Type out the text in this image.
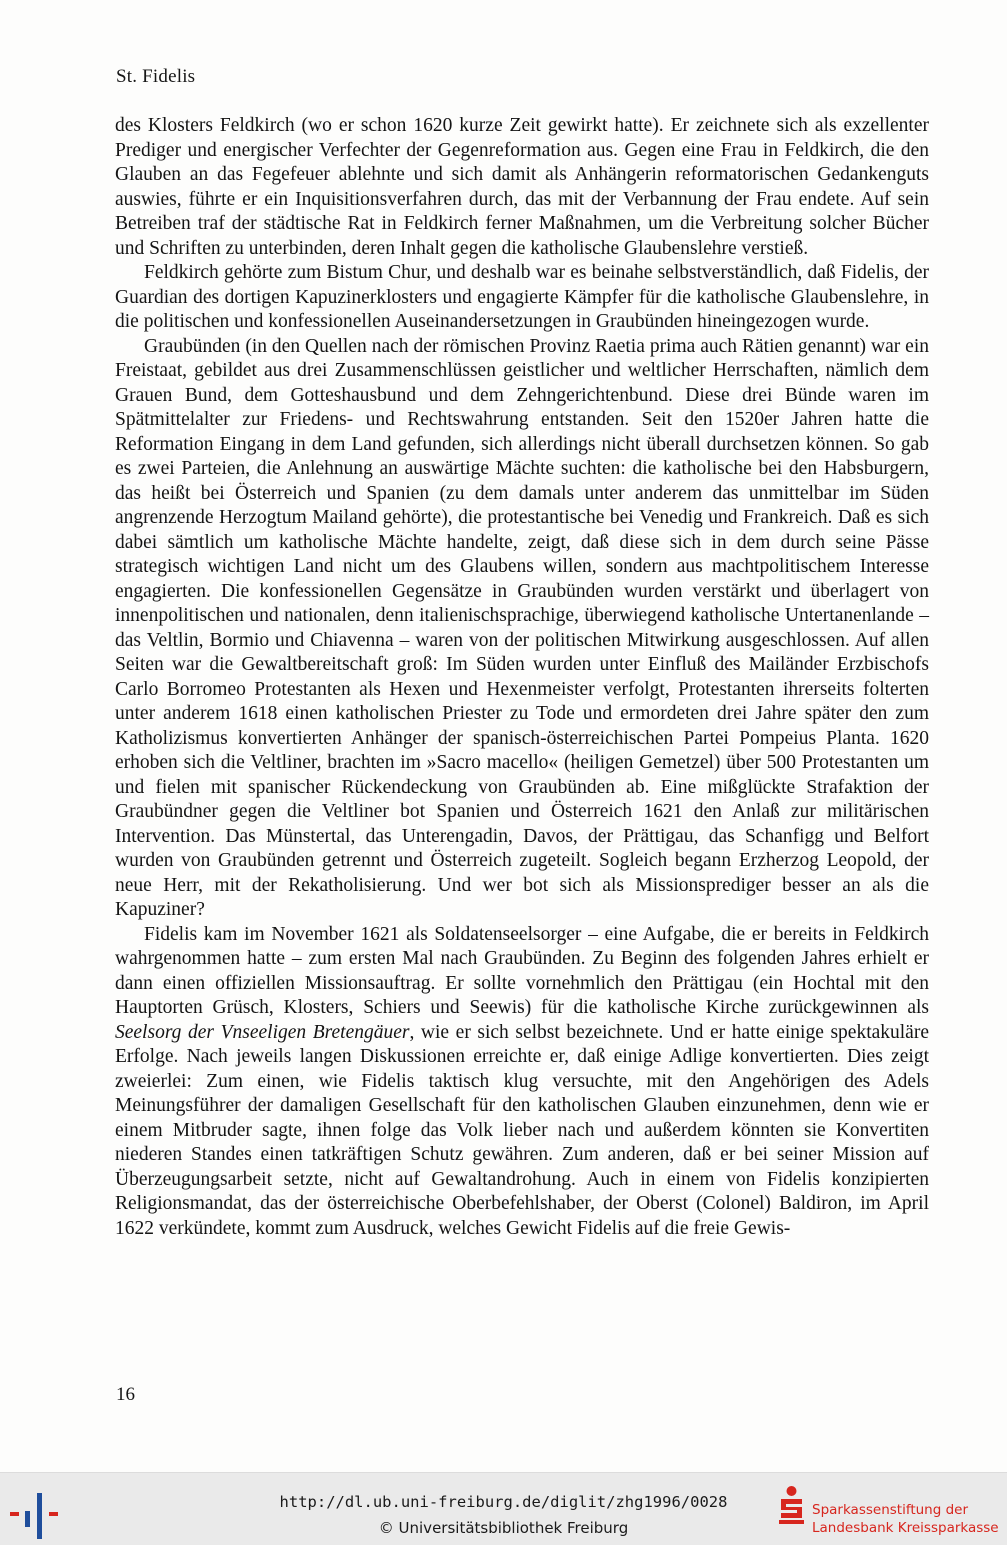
St. Fidelis

des Klosters Feldkirch (wo er schon 1620 kurze Zeit gewirkt hatte). Er zeichnete sich als exzellenter Prediger und energischer Verfechter der Gegenreformation aus. Gegen eine Frau in Feldkirch, die den Glauben an das Fegefeuer ablehnte und sich damit als Anhängerin reformatorischen Gedankenguts auswies, führte er ein Inquisitionsverfahren durch, das mit der Verbannung der Frau endete. Auf sein Betreiben traf der städtische Rat in Feldkirch ferner Maßnahmen, um die Verbreitung solcher Bücher und Schriften zu unterbinden, deren Inhalt gegen die katholische Glaubenslehre verstieß.

Feldkirch gehörte zum Bistum Chur, und deshalb war es beinahe selbstverständlich, daß Fidelis, der Guardian des dortigen Kapuzinerklosters und engagierte Kämpfer für die katholische Glaubenslehre, in die politischen und konfessionellen Auseinandersetzungen in Graubünden hineingezogen wurde.

Graubünden (in den Quellen nach der römischen Provinz Raetia prima auch Rätien genannt) war ein Freistaat, gebildet aus drei Zusammenschlüssen geistlicher und weltlicher Herrschaften, nämlich dem Grauen Bund, dem Gotteshausbund und dem Zehngerichtenbund. Diese drei Bünde waren im Spätmittelalter zur Friedens- und Rechtswahrung entstanden. Seit den 1520er Jahren hatte die Reformation Eingang in dem Land gefunden, sich allerdings nicht überall durchsetzen können. So gab es zwei Parteien, die Anlehnung an auswärtige Mächte suchten: die katholische bei den Habsburgern, das heißt bei Österreich und Spanien (zu dem damals unter anderem das unmittelbar im Süden angrenzende Herzogtum Mailand gehörte), die protestantische bei Venedig und Frankreich. Daß es sich dabei sämtlich um katholische Mächte handelte, zeigt, daß diese sich in dem durch seine Pässe strategisch wichtigen Land nicht um des Glaubens willen, sondern aus machtpolitischem Interesse engagierten. Die konfessionellen Gegensätze in Graubünden wurden verstärkt und überlagert von innenpolitischen und nationalen, denn italienischsprachige, überwiegend katholische Untertanenlande – das Veltlin, Bormio und Chiavenna – waren von der politischen Mitwirkung ausgeschlossen. Auf allen Seiten war die Gewaltbereitschaft groß: Im Süden wurden unter Einfluß des Mailänder Erzbischofs Carlo Borromeo Protestanten als Hexen und Hexenmeister verfolgt, Protestanten ihrerseits folterten unter anderem 1618 einen katholischen Priester zu Tode und ermordeten drei Jahre später den zum Katholizismus konvertierten Anhänger der spanisch-österreichischen Partei Pompeius Planta. 1620 erhoben sich die Veltliner, brachten im »Sacro macello« (heiligen Gemetzel) über 500 Protestanten um und fielen mit spanischer Rückendeckung von Graubünden ab. Eine mißglückte Strafaktion der Graubündner gegen die Veltliner bot Spanien und Österreich 1621 den Anlaß zur militärischen Intervention. Das Münstertal, das Unterengadin, Davos, der Prättigau, das Schanfigg und Belfort wurden von Graubünden getrennt und Österreich zugeteilt. Sogleich begann Erzherzog Leopold, der neue Herr, mit der Rekatholisierung. Und wer bot sich als Missionsprediger besser an als die Kapuziner?

Fidelis kam im November 1621 als Soldatenseelsorger – eine Aufgabe, die er bereits in Feldkirch wahrgenommen hatte – zum ersten Mal nach Graubünden. Zu Beginn des folgenden Jahres erhielt er dann einen offiziellen Missionsauftrag. Er sollte vornehmlich den Prättigau (ein Hochtal mit den Hauptorten Grüsch, Klosters, Schiers und Seewis) für die katholische Kirche zurückgewinnen als Seelsorg der Vnseeligen Bretengäuer, wie er sich selbst bezeichnete. Und er hatte einige spektakuläre Erfolge. Nach jeweils langen Diskussionen erreichte er, daß einige Adlige konvertierten. Dies zeigt zweierlei: Zum einen, wie Fidelis taktisch klug versuchte, mit den Angehörigen des Adels Meinungsführer der damaligen Gesellschaft für den katholischen Glauben einzunehmen, denn wie er einem Mitbruder sagte, ihnen folge das Volk lieber nach und außerdem könnten sie Konvertiten niederen Standes einen tatkräftigen Schutz gewähren. Zum anderen, daß er bei seiner Mission auf Überzeugungsarbeit setzte, nicht auf Gewaltandrohung. Auch in einem von Fidelis konzipierten Religionsmandat, das der österreichische Oberbefehlshaber, der Oberst (Colonel) Baldiron, im April 1622 verkündete, kommt zum Ausdruck, welches Gewicht Fidelis auf die freie Gewis-

16
http://dl.ub.uni-freiburg.de/diglit/zhg1996/0028
© Universitätsbibliothek Freiburg
Sparkassenstiftung der
Landesbank Kreissparkasse
